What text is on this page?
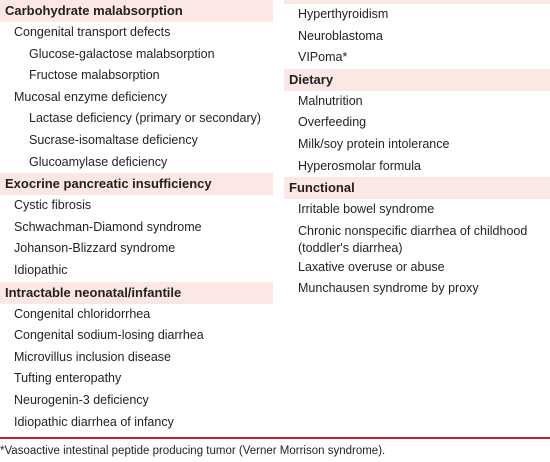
Carbohydrate malabsorption
Congenital transport defects
Glucose-galactose malabsorption
Fructose malabsorption
Mucosal enzyme deficiency
Lactase deficiency (primary or secondary)
Sucrase-isomaltase deficiency
Glucoamylase deficiency
Exocrine pancreatic insufficiency
Cystic fibrosis
Schwachman-Diamond syndrome
Johanson-Blizzard syndrome
Idiopathic
Intractable neonatal/infantile
Congenital chloridorrhea
Congenital sodium-losing diarrhea
Microvillus inclusion disease
Tufting enteropathy
Neurogenin-3 deficiency
Idiopathic diarrhea of infancy
Hyperthyroidism
Neuroblastoma
VIPoma*
Dietary
Malnutrition
Overfeeding
Milk/soy protein intolerance
Hyperosmolar formula
Functional
Irritable bowel syndrome
Chronic nonspecific diarrhea of childhood (toddler's diarrhea)
Laxative overuse or abuse
Munchausen syndrome by proxy
*Vasoactive intestinal peptide producing tumor (Verner Morrison syndrome).
